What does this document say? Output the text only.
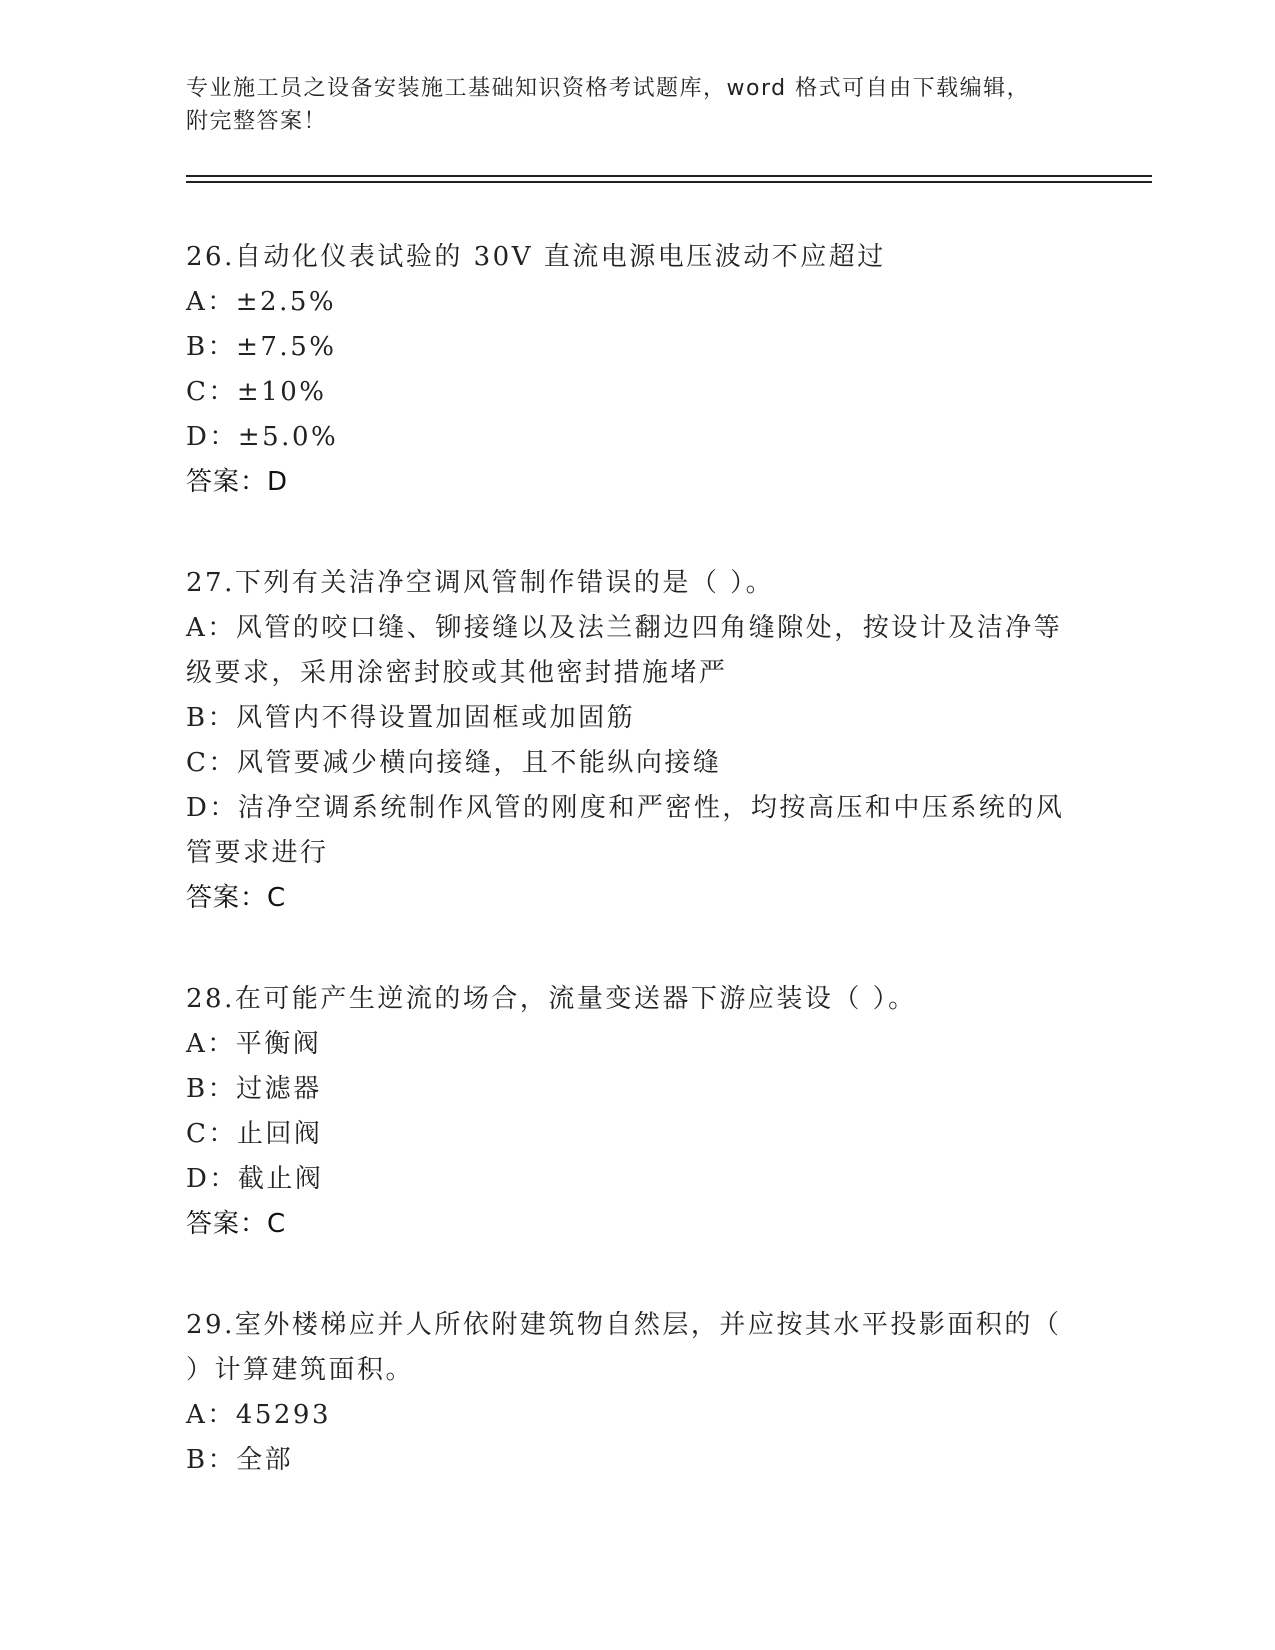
专业施工员之设备安装施工基础知识资格考试题库，word 格式可自由下载编辑，
附完整答案！
26.自动化仪表试验的 30V 直流电源电压波动不应超过
A：±2.5%
B：±7.5%
C：±10%
D：±5.0%
答案：D
27.下列有关洁净空调风管制作错误的是（ ）。
A：风管的咬口缝、铆接缝以及法兰翻边四角缝隙处，按设计及洁净等
级要求，采用涂密封胶或其他密封措施堵严
B：风管内不得设置加固框或加固筋
C：风管要减少横向接缝，且不能纵向接缝
D：洁净空调系统制作风管的刚度和严密性，均按高压和中压系统的风
管要求进行
答案：C
28.在可能产生逆流的场合，流量变送器下游应装设（ ）。
A：平衡阀
B：过滤器
C：止回阀
D：截止阀
答案：C
29.室外楼梯应并人所依附建筑物自然层，并应按其水平投影面积的（
）计算建筑面积。
A：45293
B：全部
